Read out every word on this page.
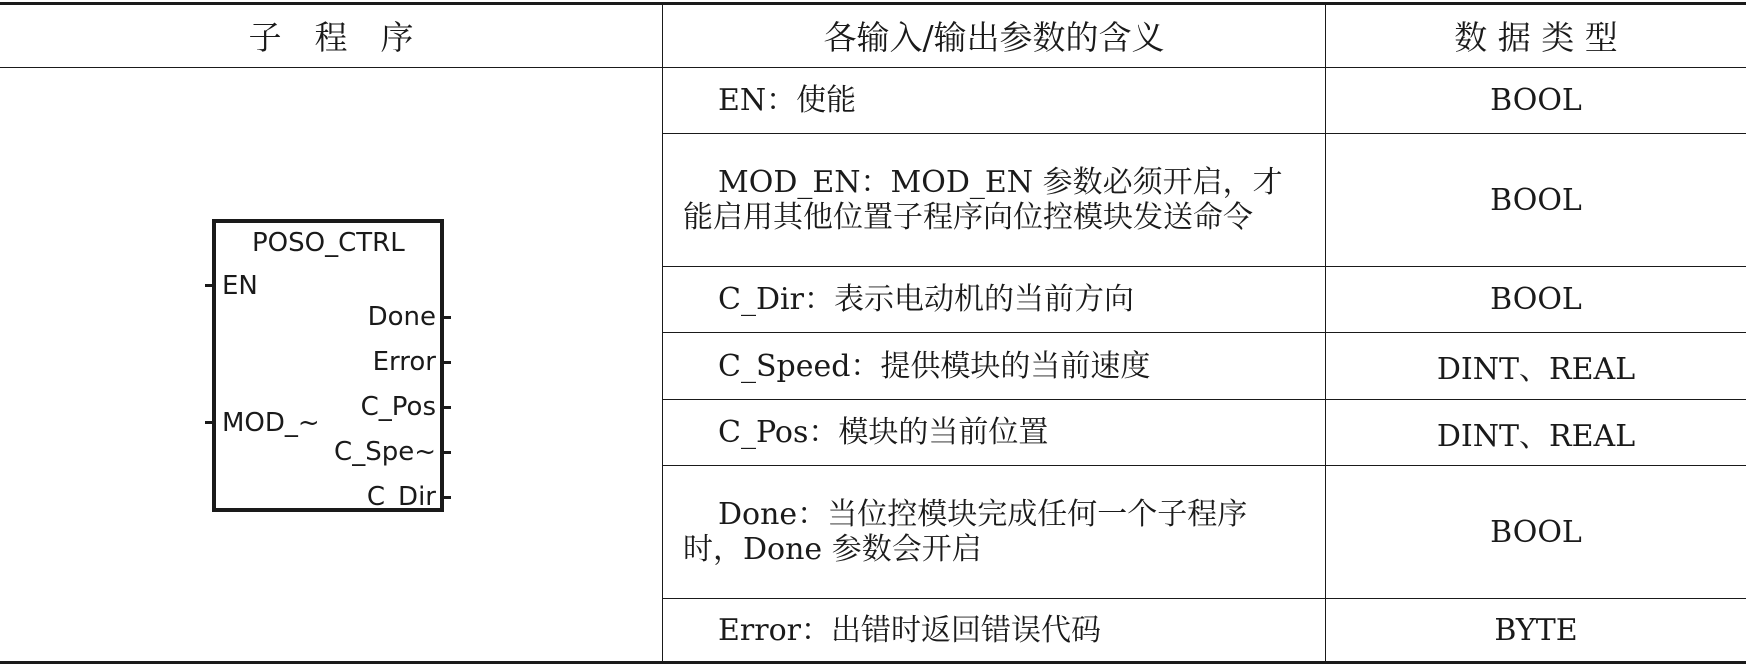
子　程　序	各输入/输出参数的含义	数 据 类 型
EN：使能
MOD_EN：MOD_EN 参数必须开启，才能启用其他位置子程序向位控模块发送命令
C_Dir：表示电动机的当前方向
C_Speed：提供模块的当前速度
C_Pos：模块的当前位置
Done：当位控模块完成任何一个子程序时，Done 参数会开启
Error：出错时返回错误代码
BOOL
BOOL
BOOL
DINT、REAL
DINT、REAL
BOOL
BYTE
POSO_CTRL
EN
MOD_~
Done
Error
C_Pos
C_Spe~
C_Dir
